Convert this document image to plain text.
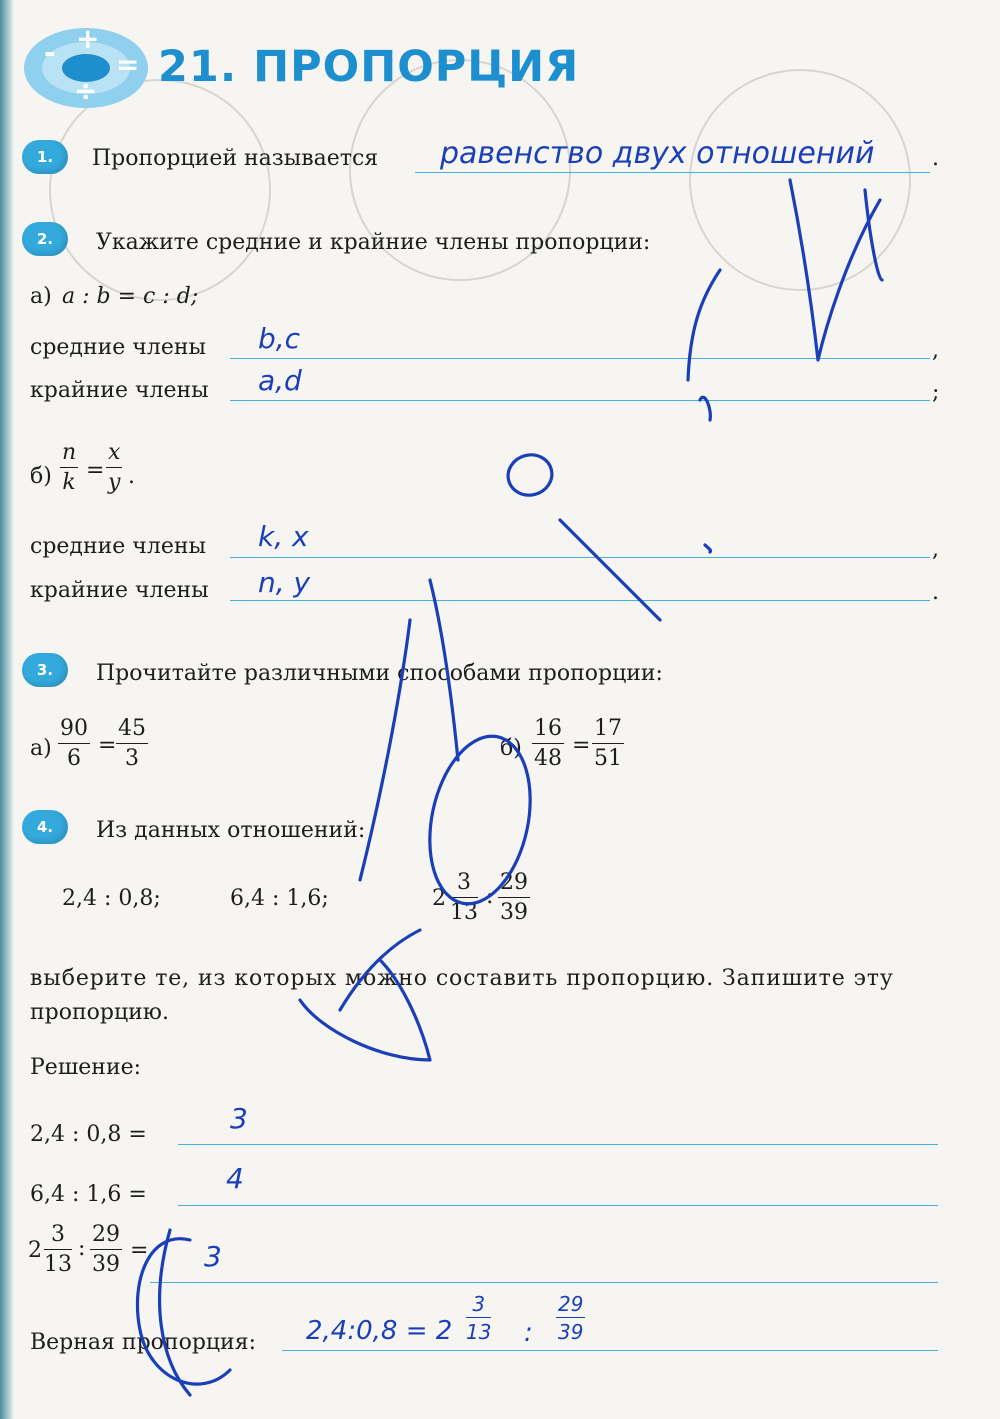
- +
=
÷ 21. ПРОПОРЦИЯ
1.	Пропорцией называется равенство двух отношений	.
2.	Укажите средние и крайние члены пропорции:
а) a : b = c : d;
средние члены b,c	,
крайние члены a,d	;
$б) \frac{n}{k} = \frac{x}{y}$ .
средние члены k, x	,
крайние члены n, y	.
3.	Прочитайте различными способами пропорции:
$а) \frac{90}{6} = \frac{45}{3}$	$б) \frac{16}{48} = \frac{17}{51}$
4.	Из данных отношений:
2,4 : 0,8;	6,4 : 1,6;	$2 \frac{3}{13}$ : $\frac{29}{39}$
выберите те, из которых можно составить пропорцию. Запишите эту
пропорцию.
Решение:
2,4 : 0,8 =	3
6,4 : 1,6 =	4
$2 \frac{3}{13}$ : $\frac{29}{39} = 3$
Верная пропорция: 2,4:0,8 = $2 \frac{3}{13}$ : $\frac{29}{39}$
